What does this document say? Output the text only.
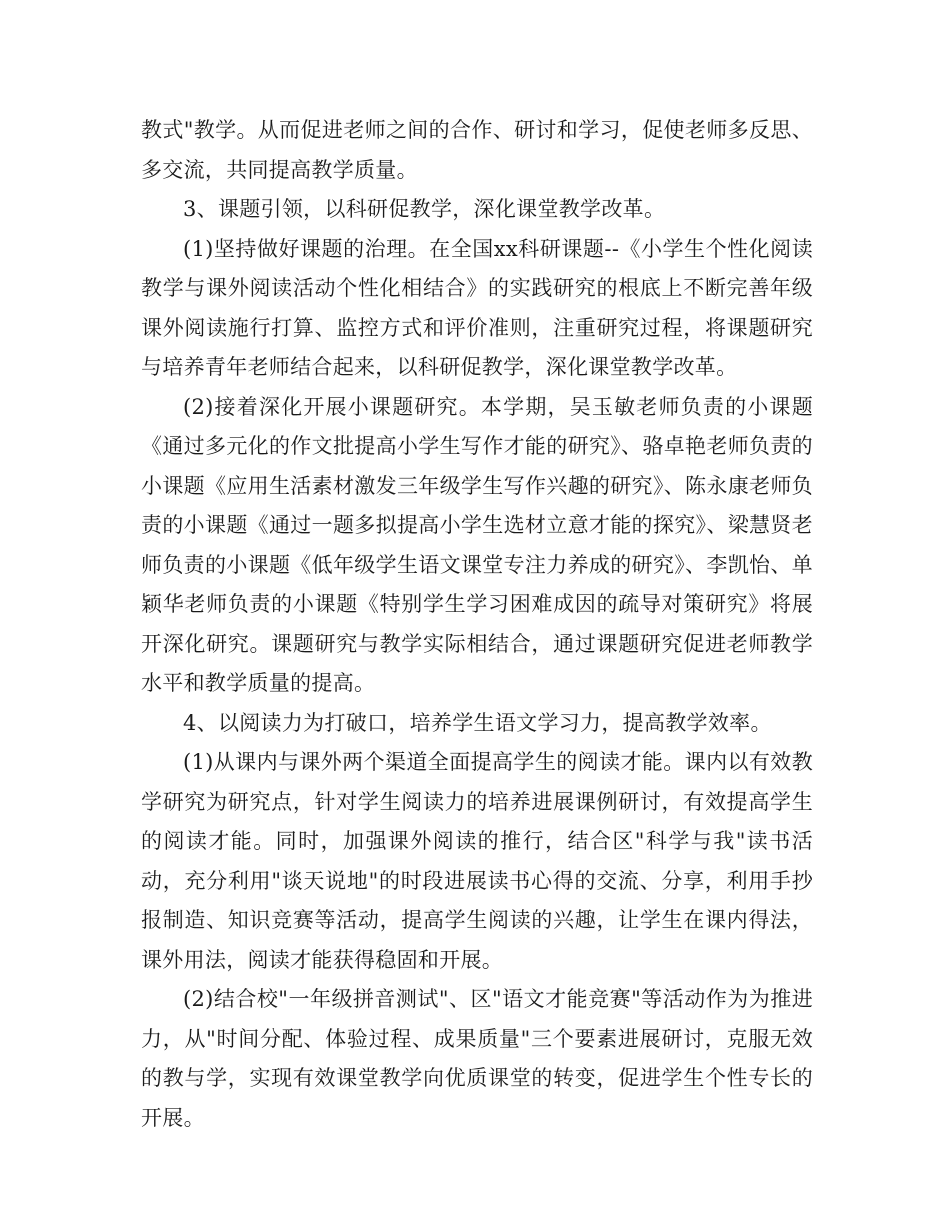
教式"教学。从而促进老师之间的合作、研讨和学习，促使老师多反思、多交流，共同提高教学质量。

3、课题引领，以科研促教学，深化课堂教学改革。

(1)坚持做好课题的治理。在全国xx科研课题--《小学生个性化阅读教学与课外阅读活动个性化相结合》的实践研究的根底上不断完善年级课外阅读施行打算、监控方式和评价准则，注重研究过程，将课题研究与培养青年老师结合起来，以科研促教学，深化课堂教学改革。

(2)接着深化开展小课题研究。本学期，吴玉敏老师负责的小课题《通过多元化的作文批提高小学生写作才能的研究》、骆卓艳老师负责的小课题《应用生活素材激发三年级学生写作兴趣的研究》、陈永康老师负责的小课题《通过一题多拟提高小学生选材立意才能的探究》、梁慧贤老师负责的小课题《低年级学生语文课堂专注力养成的研究》、李凯怡、单颖华老师负责的小课题《特别学生学习困难成因的疏导对策研究》将展开深化研究。课题研究与教学实际相结合，通过课题研究促进老师教学水平和教学质量的提高。

4、以阅读力为打破口，培养学生语文学习力，提高教学效率。

(1)从课内与课外两个渠道全面提高学生的阅读才能。课内以有效教学研究为研究点，针对学生阅读力的培养进展课例研讨，有效提高学生的阅读才能。同时，加强课外阅读的推行，结合区"科学与我"读书活动，充分利用"谈天说地"的时段进展读书心得的交流、分享，利用手抄报制造、知识竞赛等活动，提高学生阅读的兴趣，让学生在课内得法，课外用法，阅读才能获得稳固和开展。

(2)结合校"一年级拼音测试"、区"语文才能竞赛"等活动作为为推进力，从"时间分配、体验过程、成果质量"三个要素进展研讨，克服无效的教与学，实现有效课堂教学向优质课堂的转变，促进学生个性专长的开展。
